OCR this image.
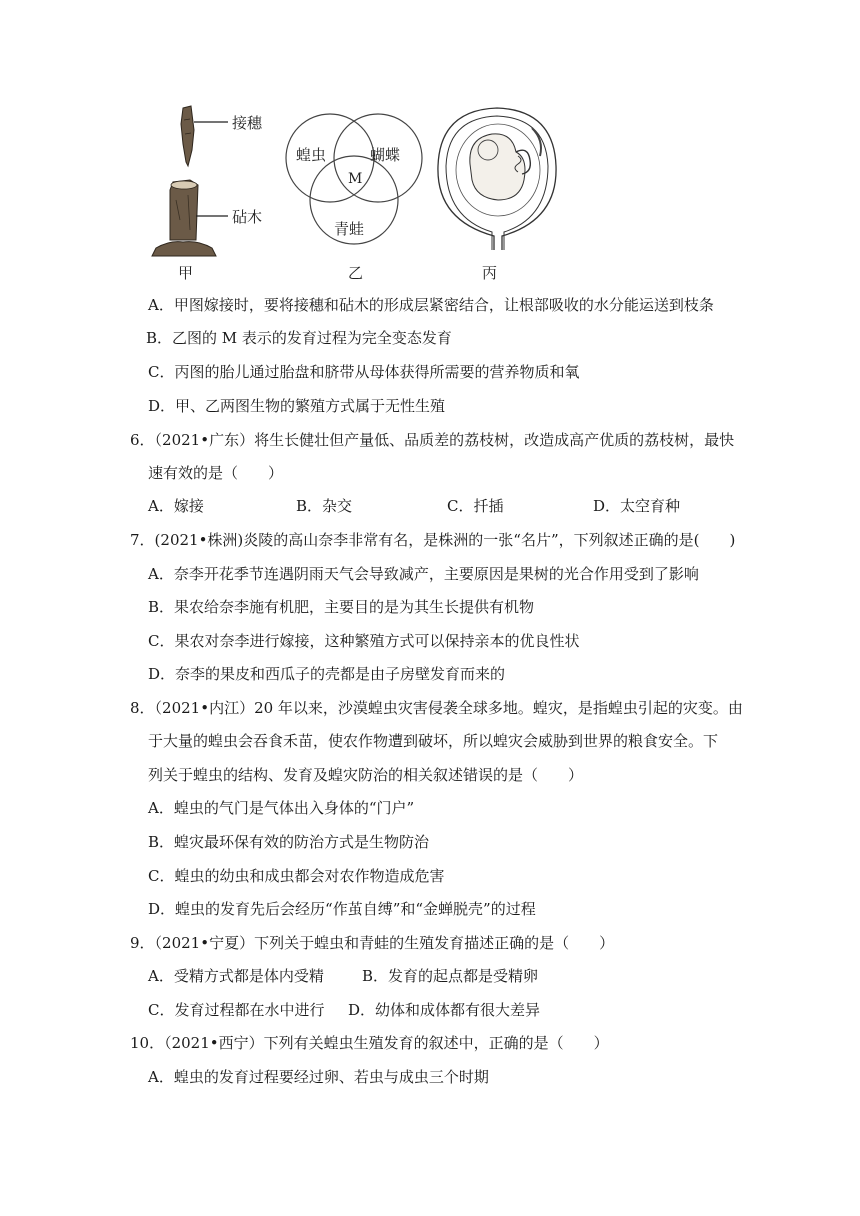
接穗
砧木
甲
蝗虫	蝴蝶
青蛙
M
乙	丙
A．甲图嫁接时，要将接穗和砧木的形成层紧密结合，让根部吸收的水分能运送到枝条
B．乙图的 M 表示的发育过程为完全变态发育
C．丙图的胎儿通过胎盘和脐带从母体获得所需要的营养物质和氧
D．甲、乙两图生物的繁殖方式属于无性生殖
6．（2021•广东）将生长健壮但产量低、品质差的荔枝树，改造成高产优质的荔枝树，最快
速有效的是（　　）
A．嫁接	B．杂交	C．扦插	D．太空育种
7．(2021•株洲)炎陵的高山奈李非常有名，是株洲的一张“名片”，下列叙述正确的是(　　)
A．奈李开花季节连遇阴雨天气会导致减产，主要原因是果树的光合作用受到了影响
B．果农给奈李施有机肥，主要目的是为其生长提供有机物
C．果农对奈李进行嫁接，这种繁殖方式可以保持亲本的优良性状
D．奈李的果皮和西瓜子的壳都是由子房壁发育而来的
8．（2021•内江）20 年以来，沙漠蝗虫灾害侵袭全球多地。蝗灾，是指蝗虫引起的灾变。由
于大量的蝗虫会吞食禾苗，使农作物遭到破坏，所以蝗灾会威胁到世界的粮食安全。下
列关于蝗虫的结构、发育及蝗灾防治的相关叙述错误的是（　　）
A．蝗虫的气门是气体出入身体的“门户”
B．蝗灾最环保有效的防治方式是生物防治
C．蝗虫的幼虫和成虫都会对农作物造成危害
D．蝗虫的发育先后会经历“作茧自缚”和“金蝉脱壳”的过程
9．（2021•宁夏）下列关于蝗虫和青蛙的生殖发育描述正确的是（　　）
A．受精方式都是体内受精	B．发育的起点都是受精卵
C．发育过程都在水中进行 D．幼体和成体都有很大差异
10．（2021•西宁）下列有关蝗虫生殖发育的叙述中，正确的是（　　）
A．蝗虫的发育过程要经过卵、若虫与成虫三个时期
